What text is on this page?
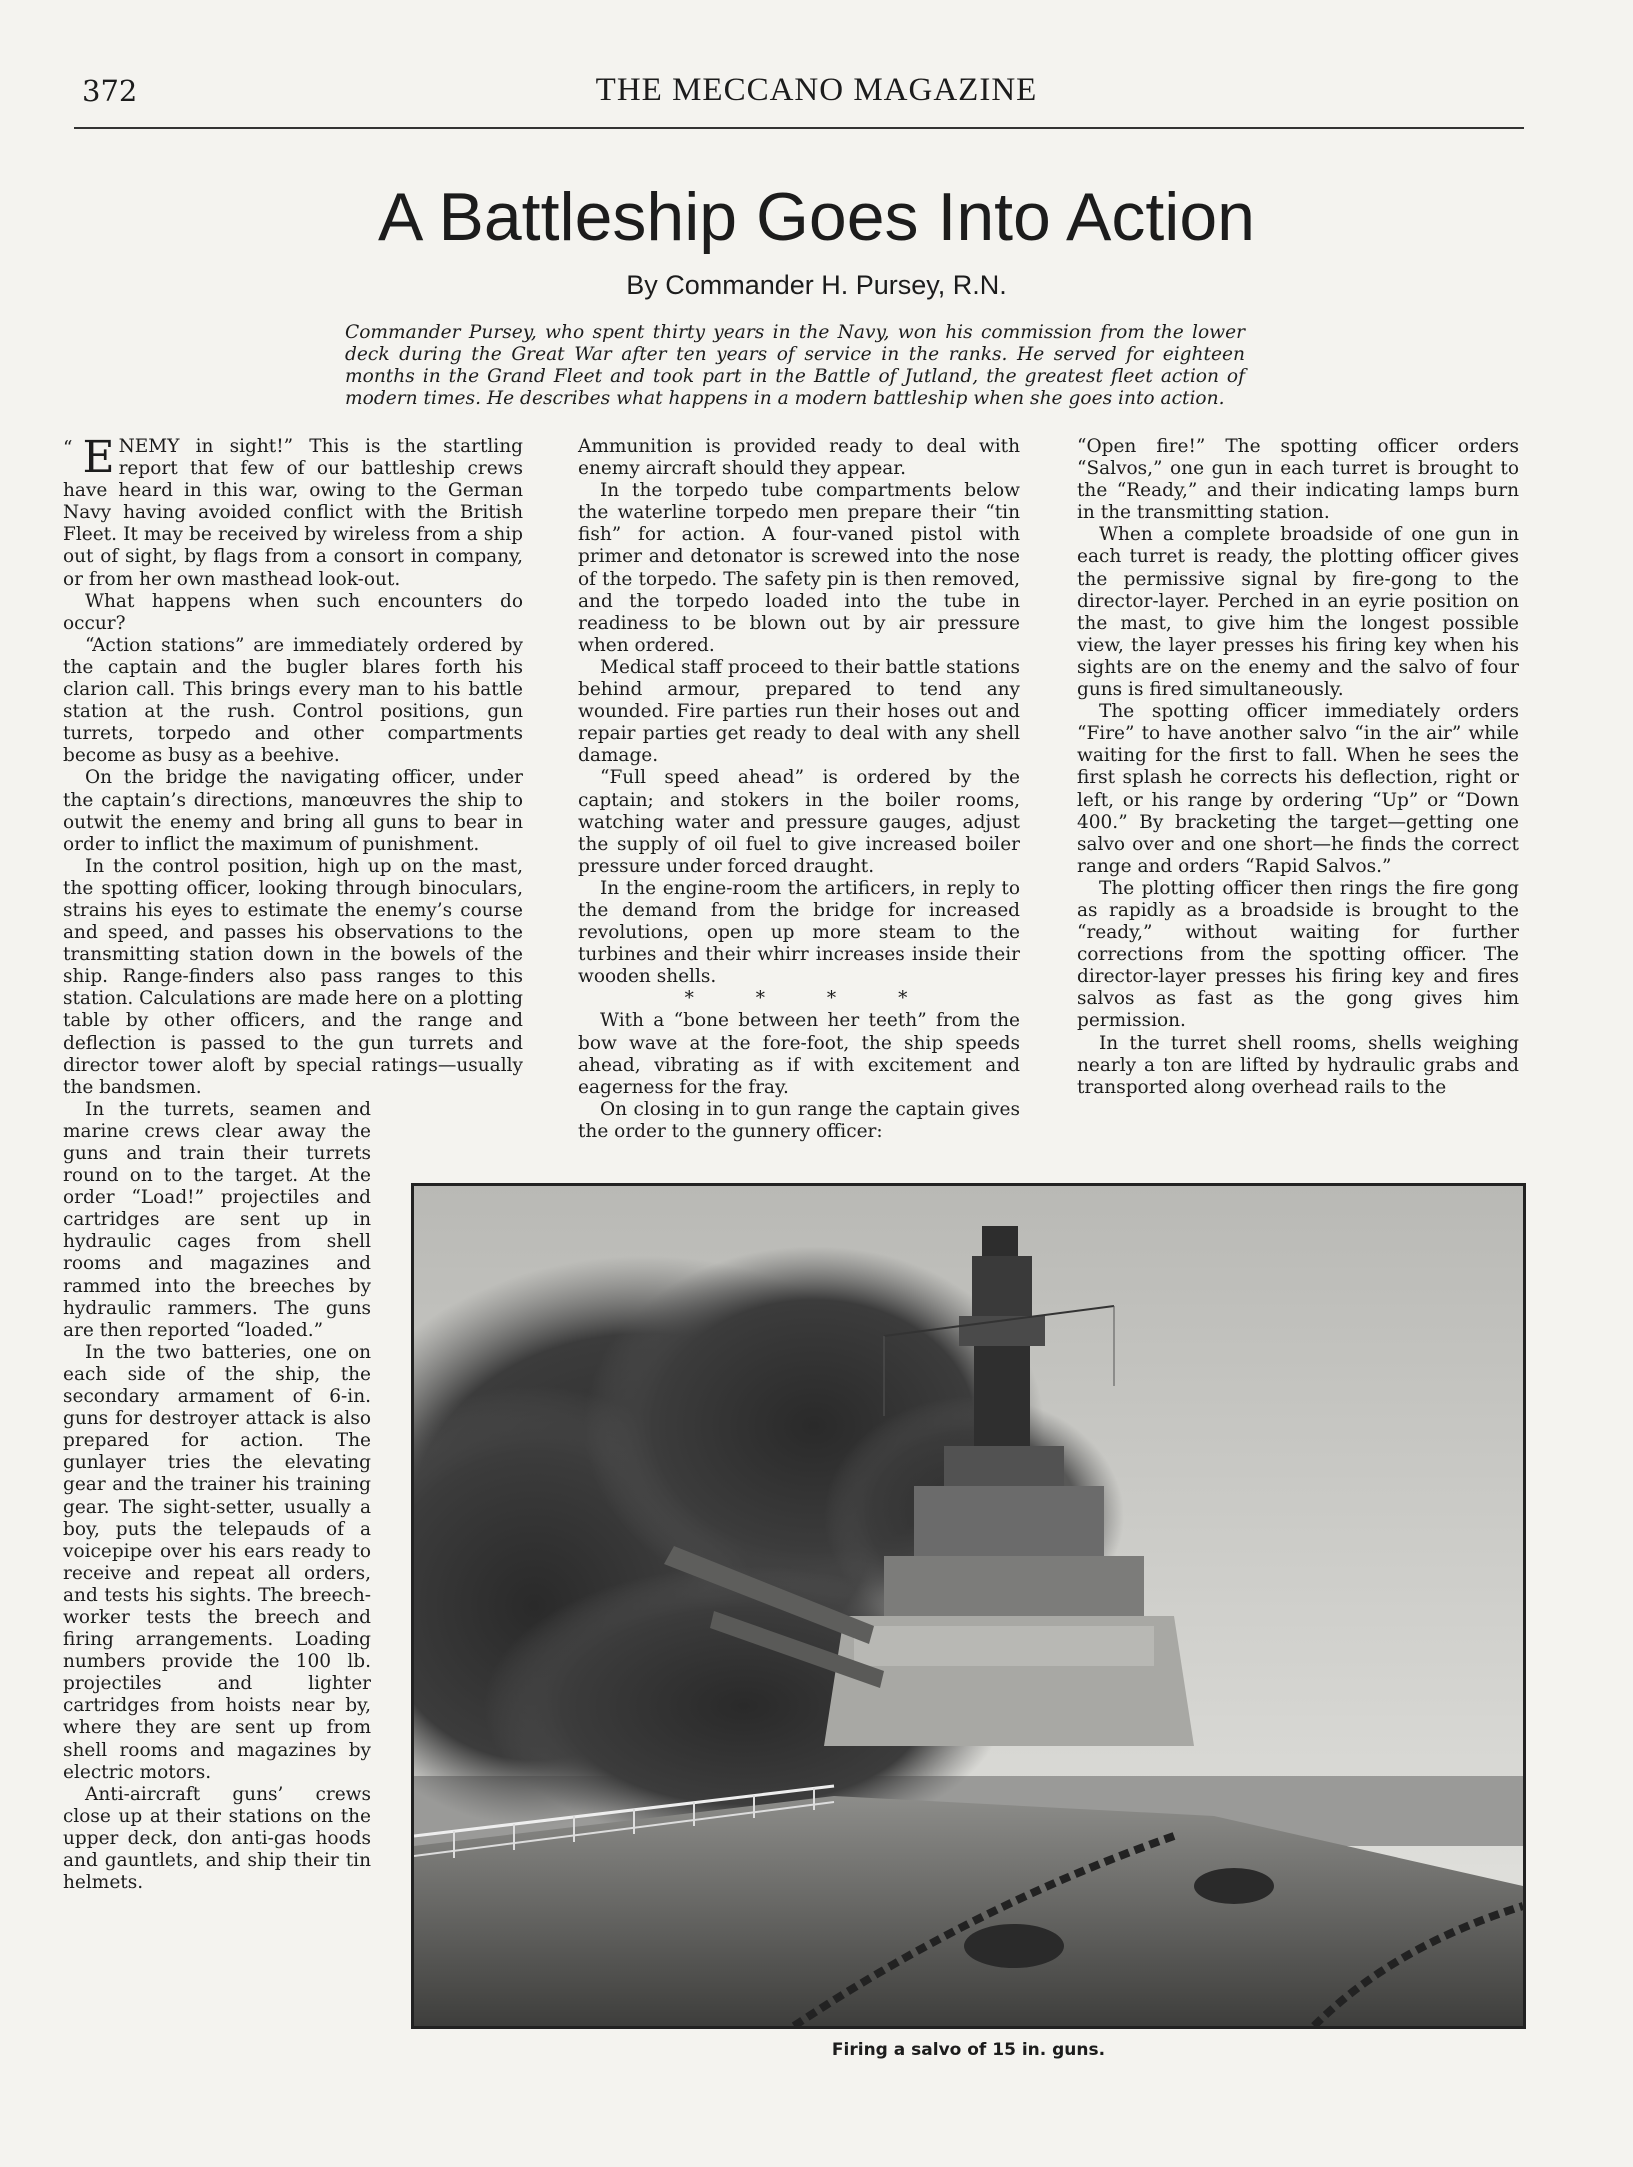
372	THE MECCANO MAGAZINE
A Battleship Goes Into Action
By Commander H. Pursey, R.N.

Commander Pursey, who spent thirty years in the Navy, won his commission from the lower deck during the Great War after ten years of service in the ranks. He served for eighteen months in the Grand Fleet and took part in the Battle of Jutland, the greatest fleet action of modern times. He describes what happens in a modern battleship when she goes into action.

“ E NEMY in sight!” This is the startling report that few of our battleship crews have heard in this war, owing to the German Navy having avoided conflict with the British Fleet. It may be received by wireless from a ship out of sight, by flags from a consort in company, or from her own masthead look-out.

What happens when such encounters do occur?

“Action stations” are immediately ordered by the captain and the bugler blares forth his clarion call. This brings every man to his battle station at the rush. Control positions, gun turrets, torpedo and other compartments become as busy as a beehive.

On the bridge the navigating officer, under the captain’s directions, manœuvres the ship to outwit the enemy and bring all guns to bear in order to inflict the maximum of punishment.

In the control position, high up on the mast, the spotting officer, looking through binoculars, strains his eyes to estimate the enemy’s course and speed, and passes his observations to the transmitting station down in the bowels of the ship. Range-finders also pass ranges to this station. Calculations are made here on a plotting table by other officers, and the range and deflection is passed to the gun turrets and director tower aloft by special ratings—usually the bandsmen.

In the turrets, seamen and marine crews clear away the guns and train their turrets round on to the target. At the order “Load!” projectiles and cartridges are sent up in hydraulic cages from shell rooms and magazines and rammed into the breeches by hydraulic rammers. The guns are then reported “loaded.”

In the two batteries, one on each side of the ship, the secondary armament of 6-in. guns for destroyer attack is also prepared for action. The gunlayer tries the elevating gear and the trainer his training gear. The sight-setter, usually a boy, puts the telepauds of a voicepipe over his ears ready to receive and repeat all orders, and tests his sights. The breech-worker tests the breech and firing arrangements. Loading numbers provide the 100 lb. projectiles and lighter cartridges from hoists near by, where they are sent up from shell rooms and magazines by electric motors.

Anti-aircraft guns’ crews close up at their stations on the upper deck, don anti-gas hoods and gauntlets, and ship their tin helmets.

Ammunition is provided ready to deal with enemy aircraft should they appear.

In the torpedo tube compartments below the waterline torpedo men prepare their “tin fish” for action. A four-vaned pistol with primer and detonator is screwed into the nose of the torpedo. The safety pin is then removed, and the torpedo loaded into the tube in readiness to be blown out by air pressure when ordered.

Medical staff proceed to their battle stations behind armour, prepared to tend any wounded. Fire parties run their hoses out and repair parties get ready to deal with any shell damage.

“Full speed ahead” is ordered by the captain; and stokers in the boiler rooms, watching water and pressure gauges, adjust the supply of oil fuel to give increased boiler pressure under forced draught.

In the engine-room the artificers, in reply to the demand from the bridge for increased revolutions, open up more steam to the turbines and their whirr increases inside their wooden shells.

* * * *

With a “bone between her teeth” from the bow wave at the fore-foot, the ship speeds ahead, vibrating as if with excitement and eagerness for the fray.

On closing in to gun range the captain gives the order to the gunnery officer:

“Open fire!” The spotting officer orders “Salvos,” one gun in each turret is brought to the “Ready,” and their indicating lamps burn in the transmitting station.

When a complete broadside of one gun in each turret is ready, the plotting officer gives the permissive signal by fire-gong to the director-layer. Perched in an eyrie position on the mast, to give him the longest possible view, the layer presses his firing key when his sights are on the enemy and the salvo of four guns is fired simultaneously.

The spotting officer immediately orders “Fire” to have another salvo “in the air” while waiting for the first to fall. When he sees the first splash he corrects his deflection, right or left, or his range by ordering “Up” or “Down 400.” By bracketing the target—getting one salvo over and one short—he finds the correct range and orders “Rapid Salvos.”

The plotting officer then rings the fire gong as rapidly as a broadside is brought to the “ready,” without waiting for further corrections from the spotting officer. The director-layer presses his firing key and fires salvos as fast as the gong gives him permission.

In the turret shell rooms, shells weighing nearly a ton are lifted by hydraulic grabs and transported along overhead rails to the

Firing a salvo of 15 in. guns.
